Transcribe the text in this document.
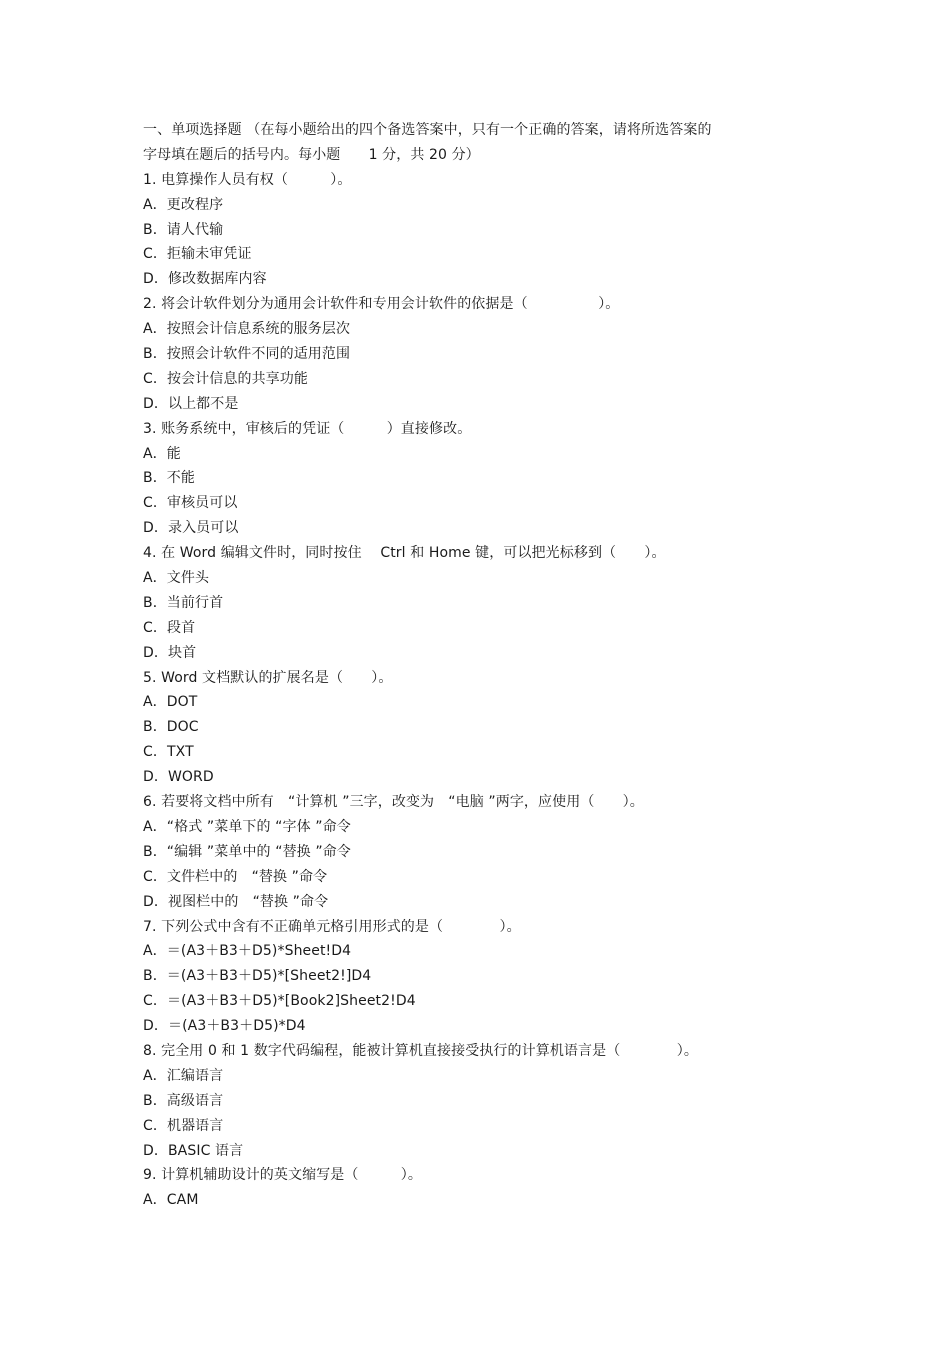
一、单项选择题 （在每小题给出的四个备选答案中，只有一个正确的答案，请将所选答案的
字母填在题后的括号内。每小题　　1 分，共 20 分）
1. 电算操作人员有权（　　　）。
A．更改程序
B．请人代输
C．拒输未审凭证
D．修改数据库内容
2. 将会计软件划分为通用会计软件和专用会计软件的依据是（　　　　　）。
A．按照会计信息系统的服务层次
B．按照会计软件不同的适用范围
C．按会计信息的共享功能
D．以上都不是
3. 账务系统中，审核后的凭证（　　　）直接修改。
A．能
B．不能
C．审核员可以
D．录入员可以
4. 在 Word 编辑文件时，同时按住　 Ctrl 和 Home 键，可以把光标移到（　　）。
A．文件头
B．当前行首
C．段首
D．块首
5. Word 文档默认的扩展名是（　　）。
A．DOT
B．DOC
C．TXT
D．WORD
6. 若要将文档中所有　“计算机 ”三字，改变为　“电脑 ”两字，应使用（　　）。
A．“格式 ”菜单下的 “字体 ”命令
B．“编辑 ”菜单中的 “替换 ”命令
C．文件栏中的　“替换 ”命令
D．视图栏中的　“替换 ”命令
7. 下列公式中含有不正确单元格引用形式的是（　　　　）。
A．＝(A3＋B3＋D5)*Sheet!D4
B．＝(A3＋B3＋D5)*[Sheet2!]D4
C．＝(A3＋B3＋D5)*[Book2]Sheet2!D4
D．＝(A3＋B3＋D5)*D4
8. 完全用 0 和 1 数字代码编程，能被计算机直接接受执行的计算机语言是（　　　　）。
A．汇编语言
B．高级语言
C．机器语言
D．BASIC 语言
9. 计算机辅助设计的英文缩写是（　　　）。
A．CAM
